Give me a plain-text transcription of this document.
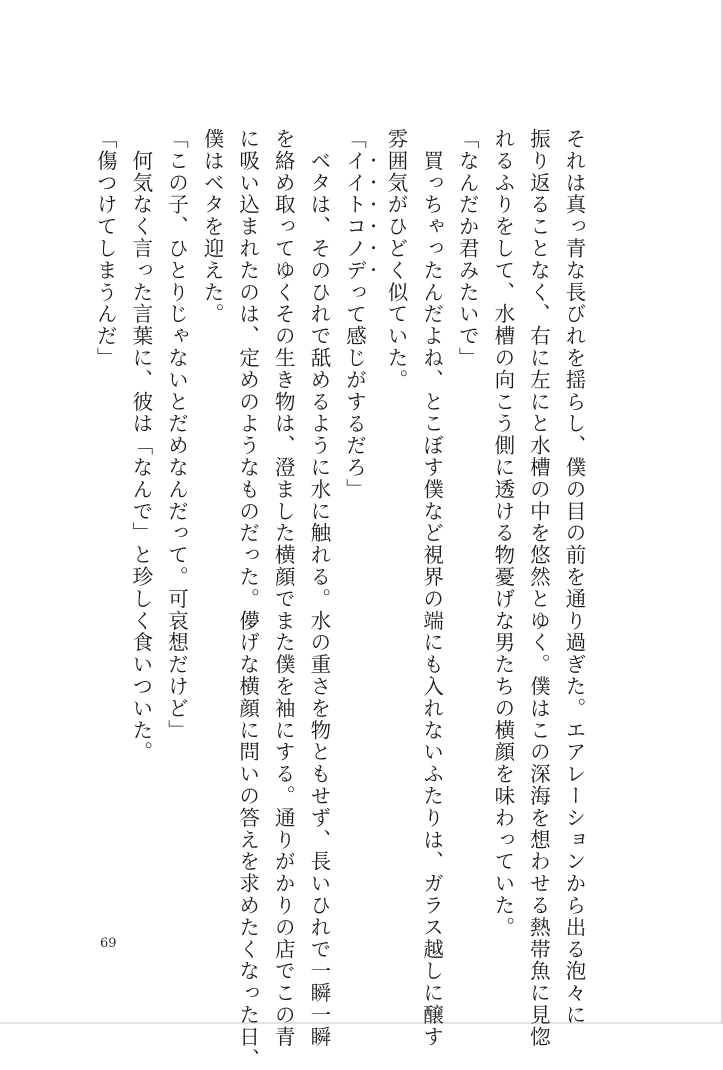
それは真っ青な長びれを揺らし、僕の目の前を通り過ぎた。エアレーションから出る泡々に
振り返ることなく、右に左にと水槽の中を悠然とゆく。僕はこの深海を想わせる熱帯魚に見惚
れるふりをして、水槽の向こう側に透ける物憂げな男たちの横顔を味わっていた。
「なんだか君みたいで」
　買っちゃったんだよね、とこぼす僕など視界の端にも入れないふたりは、ガラス越しに醸す
雰囲気がひどく似ていた。
「イイトコノデって感じがするだろ」
　ベタは、そのひれで舐めるように水に触れる。水の重さを物ともせず、長いひれで一瞬一瞬
を絡め取ってゆくその生き物は、澄ました横顔でまた僕を袖にする。通りがかりの店でこの青
に吸い込まれたのは、定めのようなものだった。儚げな横顔に問いの答えを求めたくなった日、
僕はベタを迎えた。
「この子、ひとりじゃないとだめなんだって。可哀想だけど」
　何気なく言った言葉に、彼は「なんで」と珍しく食いついた。
「傷つけてしまうんだ」
69
